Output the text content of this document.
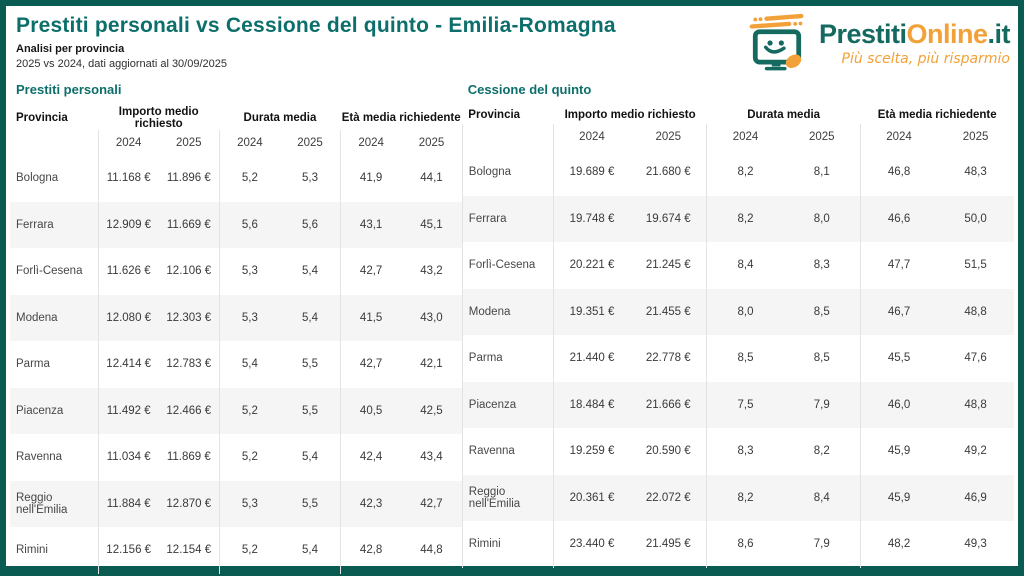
Prestiti personali vs Cessione del quinto - Emilia-Romagna
Analisi per provincia
2025 vs 2024, dati aggiornati al 30/09/2025
PrestitiOnline.it
Più scelta, più risparmio
Prestiti personali
Provincia	Importo medio richiesto		Durata media		Età media richiedente	
	2024	2025	2024	2025	2024	2025
Bologna	11.168 €	11.896 €	5,2	5,3	41,9	44,1
Ferrara	12.909 €	11.669 €	5,6	5,6	43,1	45,1
Forlì-Cesena	11.626 €	12.106 €	5,3	5,4	42,7	43,2
Modena	12.080 €	12.303 €	5,3	5,4	41,5	43,0
Parma	12.414 €	12.783 €	5,4	5,5	42,7	42,1
Piacenza	11.492 €	12.466 €	5,2	5,5	40,5	42,5
Ravenna	11.034 €	11.869 €	5,2	5,4	42,4	43,4
Reggio nell'Emilia	11.884 €	12.870 €	5,3	5,5	42,3	42,7
Rimini	12.156 €	12.154 €	5,2	5,4	42,8	44,8
Cessione del quinto
Provincia	Importo medio richiesto		Durata media		Età media richiedente	
	2024	2025	2024	2025	2024	2025
Bologna	19.689 €	21.680 €	8,2	8,1	46,8	48,3
Ferrara	19.748 €	19.674 €	8,2	8,0	46,6	50,0
Forlì-Cesena	20.221 €	21.245 €	8,4	8,3	47,7	51,5
Modena	19.351 €	21.455 €	8,0	8,5	46,7	48,8
Parma	21.440 €	22.778 €	8,5	8,5	45,5	47,6
Piacenza	18.484 €	21.666 €	7,5	7,9	46,0	48,8
Ravenna	19.259 €	20.590 €	8,3	8,2	45,9	49,2
Reggio nell'Emilia	20.361 €	22.072 €	8,2	8,4	45,9	46,9
Rimini	23.440 €	21.495 €	8,6	7,9	48,2	49,3
